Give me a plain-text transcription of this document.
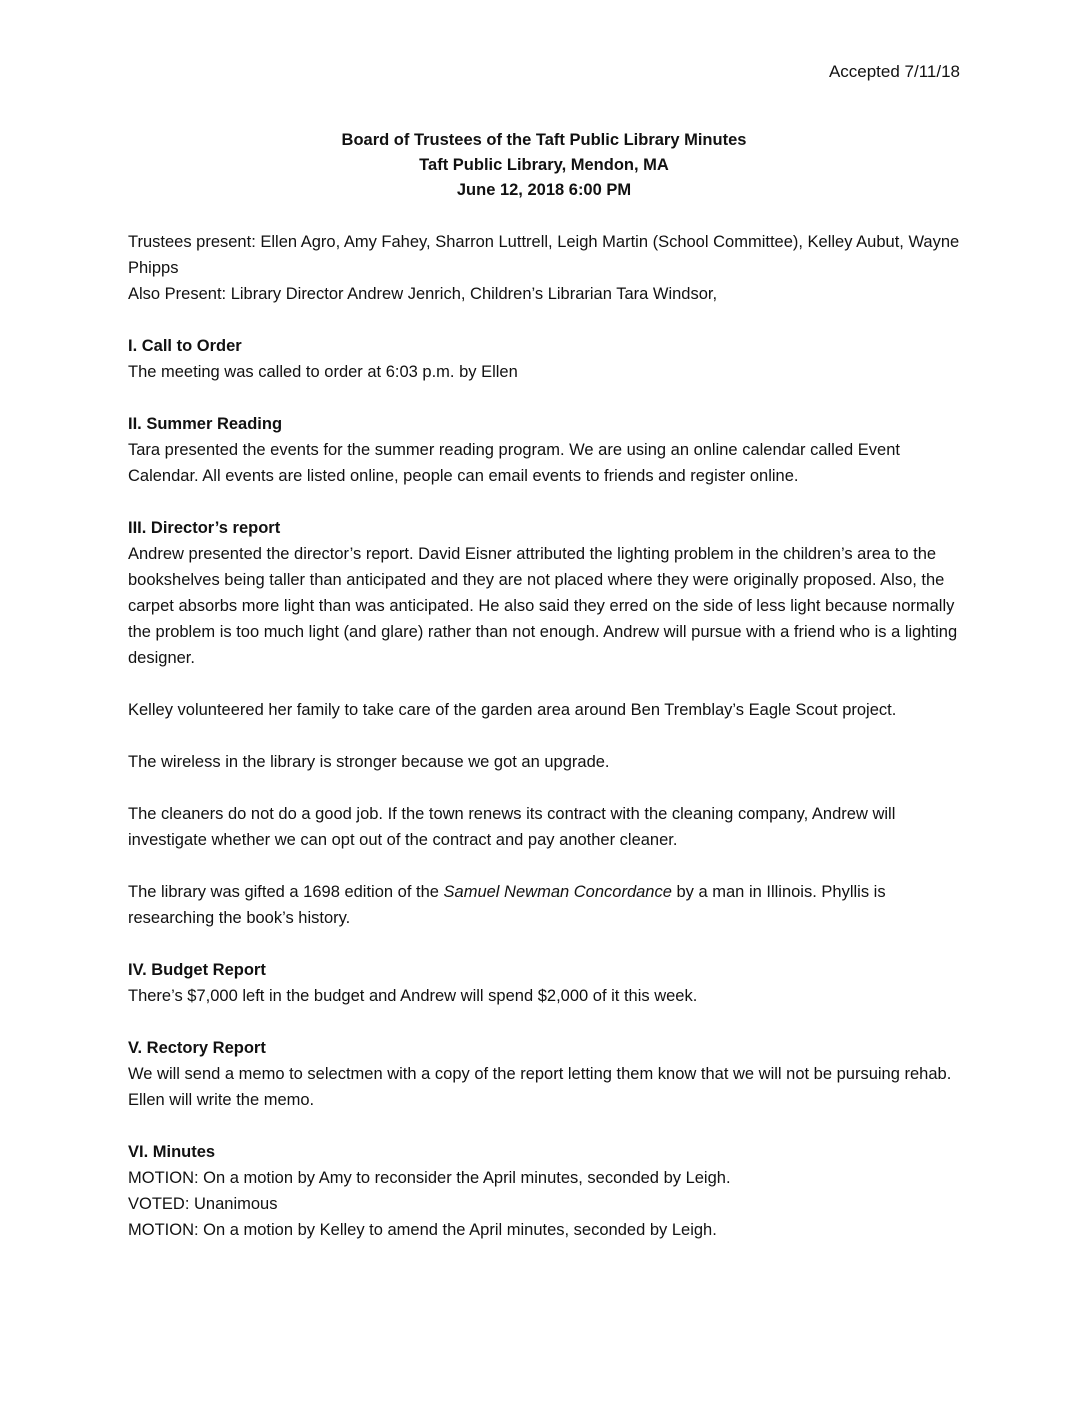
Accepted 7/11/18
Board of Trustees of the Taft Public Library Minutes
Taft Public Library, Mendon, MA
June 12, 2018 6:00 PM

Trustees present: Ellen Agro, Amy Fahey, Sharron Luttrell, Leigh Martin (School Committee), Kelley Aubut, Wayne Phipps

Also Present: Library Director Andrew Jenrich, Children’s Librarian Tara Windsor,

I. Call to Order

The meeting was called to order at 6:03 p.m. by Ellen

II. Summer Reading

Tara presented the events for the summer reading program. We are using an online calendar called Event Calendar. All events are listed online, people can email events to friends and register online.

III. Director’s report

Andrew presented the director’s report. David Eisner attributed the lighting problem in the children’s area to the bookshelves being taller than anticipated and they are not placed where they were originally proposed. Also, the carpet absorbs more light than was anticipated. He also said they erred on the side of less light because normally the problem is too much light (and glare) rather than not enough. Andrew will pursue with a friend who is a lighting designer.

Kelley volunteered her family to take care of the garden area around Ben Tremblay’s Eagle Scout project.

The wireless in the library is stronger because we got an upgrade.

The cleaners do not do a good job. If the town renews its contract with the cleaning company, Andrew will investigate whether we can opt out of the contract and pay another cleaner.

The library was gifted a 1698 edition of the Samuel Newman Concordance by a man in Illinois. Phyllis is researching the book’s history.

IV. Budget Report

There’s $7,000 left in the budget and Andrew will spend $2,000 of it this week.

V. Rectory Report

We will send a memo to selectmen with a copy of the report letting them know that we will not be pursuing rehab. Ellen will write the memo.

VI. Minutes

MOTION: On a motion by Amy to reconsider the April minutes, seconded by Leigh.

VOTED: Unanimous

MOTION: On a motion by Kelley to amend the April minutes, seconded by Leigh.
